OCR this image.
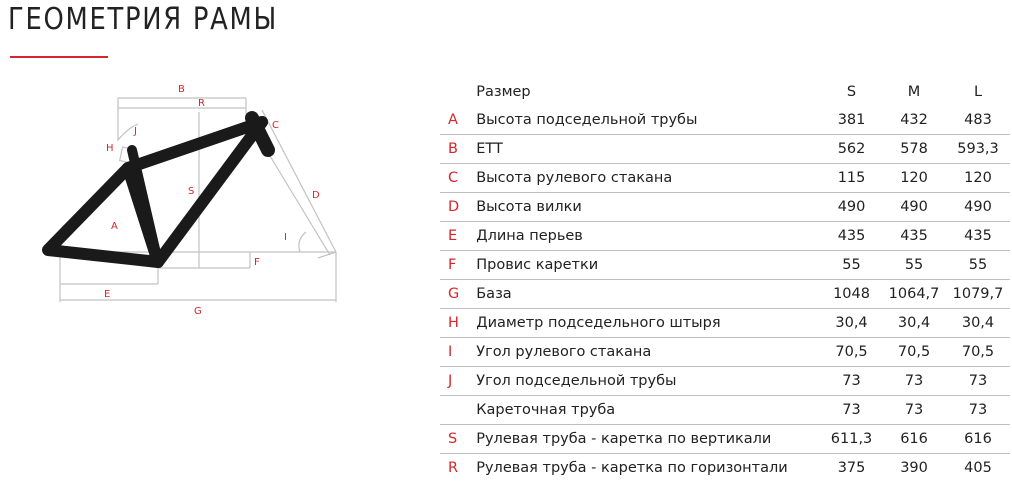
ГЕОМЕТРИЯ РАМЫ
B
R
C
D
J
H
S
A
I
F
E
G
	Размер	S	M	L
A	Высота подседельной трубы	381	432	483
B	ETT	562	578	593,3
C	Высота рулевого стакана	115	120	120
D	Высота вилки	490	490	490
E	Длина перьев	435	435	435
F	Провис каретки	55	55	55
G	База	1048	1064,7	1079,7
H	Диаметр подседельного штыря	30,4	30,4	30,4
I	Угол рулевого стакана	70,5	70,5	70,5
J	Угол подседельной трубы	73	73	73
	Кареточная труба	73	73	73
S	Рулевая труба - каретка по вертикали	611,3	616	616
R	Рулевая труба - каретка по горизонтали	375	390	405
